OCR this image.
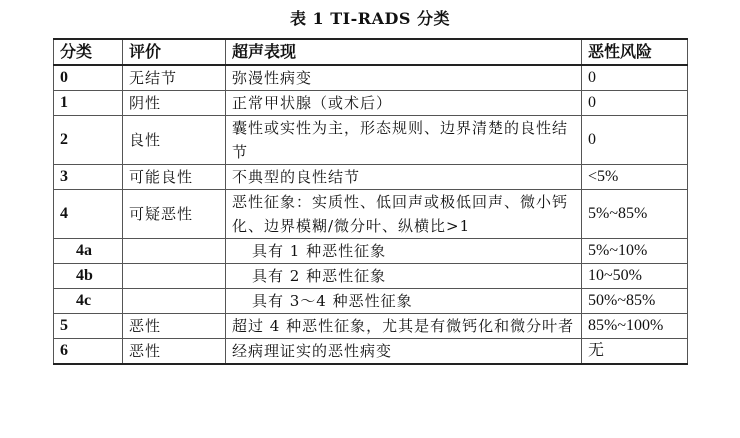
表 1 TI-RADS 分类
分类	评价	超声表现	恶性风险
0	无结节	弥漫性病变	0
1	阴性	正常甲状腺（或术后）	0
2	良性	囊性或实性为主，形态规则、边界清楚的良性结节	0
3	可能良性	不典型的良性结节	<5%
4	可疑恶性	恶性征象：实质性、低回声或极低回声、微小钙化、边界模糊/微分叶、纵横比>1	5%~85%
4a		具有 1 种恶性征象	5%~10%
4b		具有 2 种恶性征象	10~50%
4c		具有 3～4 种恶性征象	50%~85%
5	恶性	超过 4 种恶性征象，尤其是有微钙化和微分叶者	85%~100%
6	恶性	经病理证实的恶性病变	无
